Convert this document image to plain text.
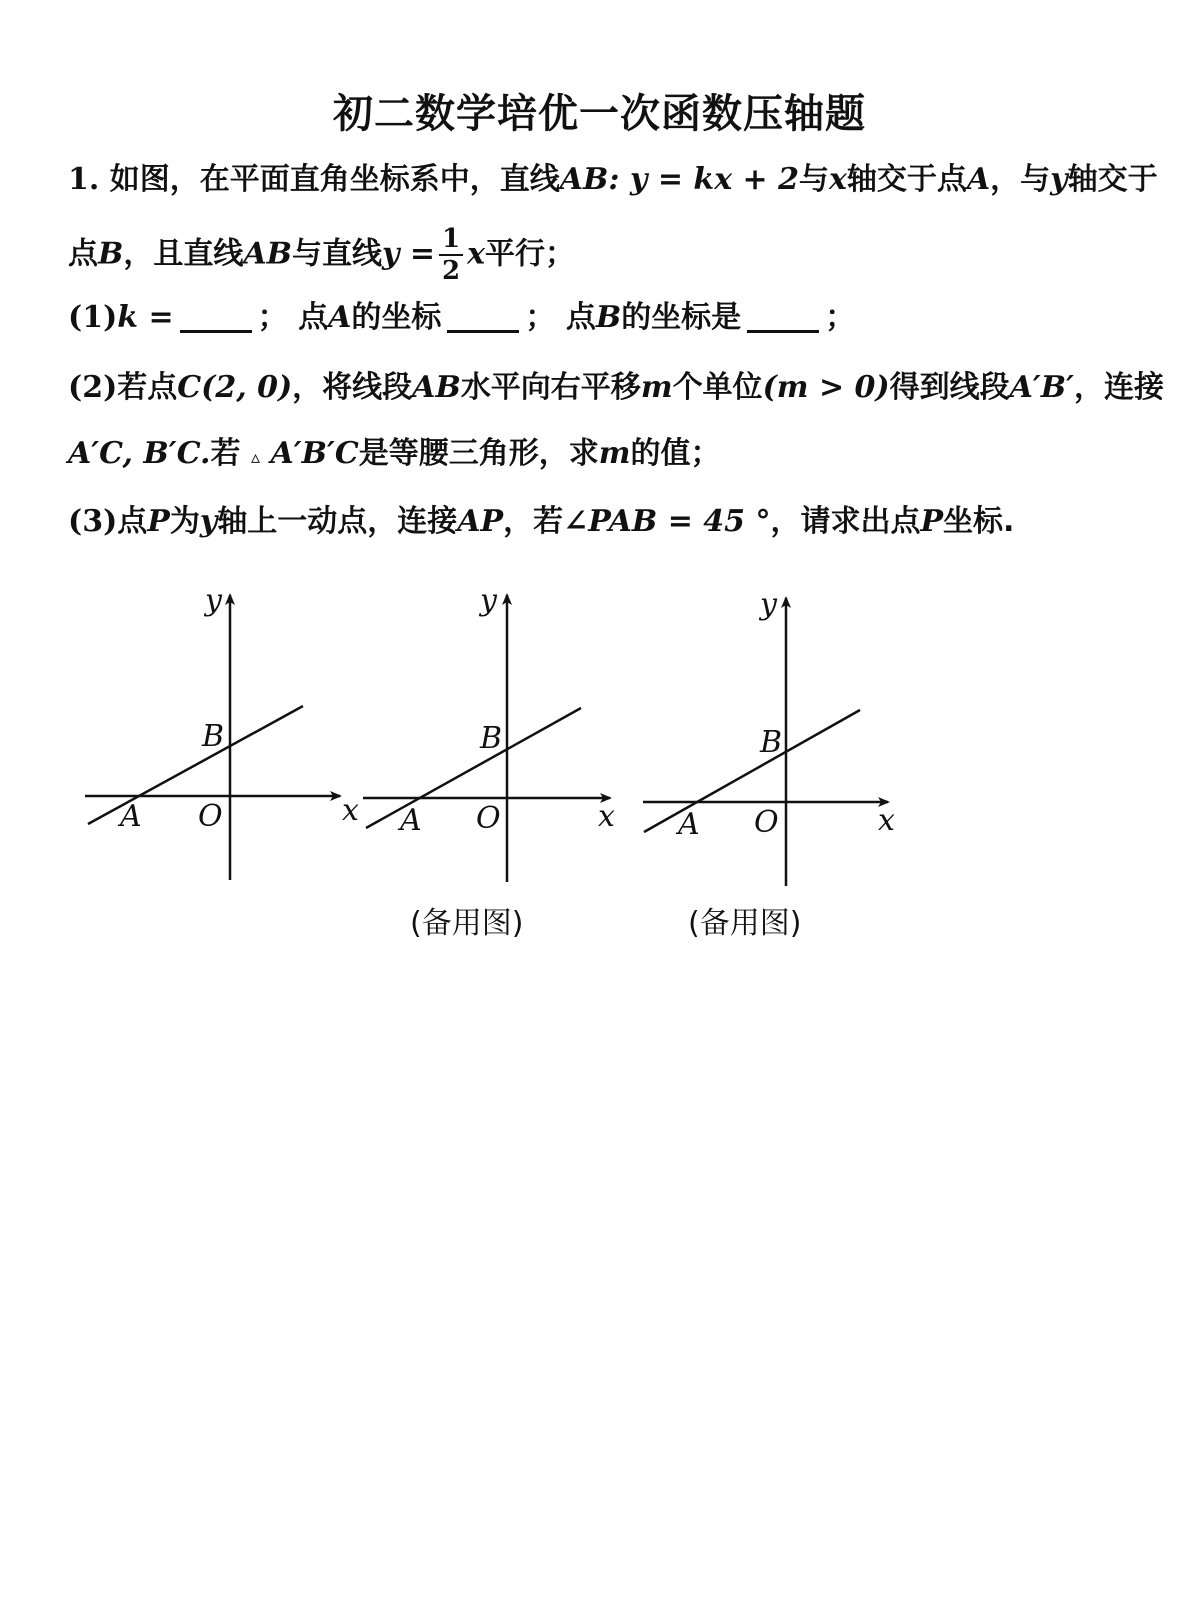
初二数学培优一次函数压轴题
1. 如图，在平面直角坐标系中，直线AB: y = kx + 2与x轴交于点A，与y轴交于
点B，且直线AB与直线$y = \frac{1}{2}$ x平行；
(1)k =	； 点A的坐标	； 点B的坐标是	；
(2)若点C(2, 0)，将线段AB水平向右平移m个单位(m > 0)得到线段A′B′，连接
A′C, B′C.若 ▵ A′B′C是等腰三角形，求m的值；
(3)点P为y轴上一动点，连接AP，若∠PAB = 45 °，请求出点P坐标.
y
x
A
B
O
y
x
A
B
O
y
x
A
B
O
(备用图)	(备用图)
